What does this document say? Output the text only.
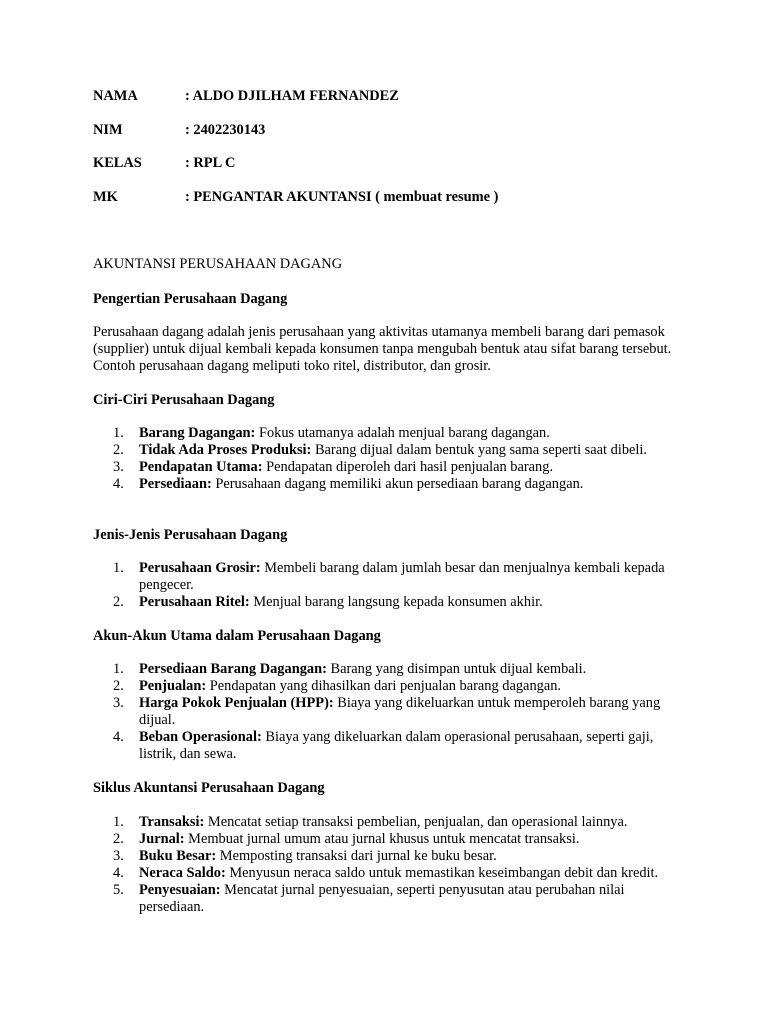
NAMA	: ALDO DJILHAM FERNANDEZ
NIM	: 2402230143
KELAS	: RPL C
MK	: PENGANTAR AKUNTANSI ( membuat resume )
AKUNTANSI PERUSAHAAN DAGANG
Pengertian Perusahaan Dagang
Perusahaan dagang adalah jenis perusahaan yang aktivitas utamanya membeli barang dari pemasok (supplier) untuk dijual kembali kepada konsumen tanpa mengubah bentuk atau sifat barang tersebut. Contoh perusahaan dagang meliputi toko ritel, distributor, dan grosir.
Ciri-Ciri Perusahaan Dagang
1. Barang Dagangan: Fokus utamanya adalah menjual barang dagangan.
2. Tidak Ada Proses Produksi: Barang dijual dalam bentuk yang sama seperti saat dibeli.
3. Pendapatan Utama: Pendapatan diperoleh dari hasil penjualan barang.
4. Persediaan: Perusahaan dagang memiliki akun persediaan barang dagangan.
Jenis-Jenis Perusahaan Dagang
1. Perusahaan Grosir: Membeli barang dalam jumlah besar dan menjualnya kembali kepada pengecer.
2. Perusahaan Ritel: Menjual barang langsung kepada konsumen akhir.
Akun-Akun Utama dalam Perusahaan Dagang
1. Persediaan Barang Dagangan: Barang yang disimpan untuk dijual kembali.
2. Penjualan: Pendapatan yang dihasilkan dari penjualan barang dagangan.
3. Harga Pokok Penjualan (HPP): Biaya yang dikeluarkan untuk memperoleh barang yang dijual.
4. Beban Operasional: Biaya yang dikeluarkan dalam operasional perusahaan, seperti gaji, listrik, dan sewa.
Siklus Akuntansi Perusahaan Dagang
1. Transaksi: Mencatat setiap transaksi pembelian, penjualan, dan operasional lainnya.
2. Jurnal: Membuat jurnal umum atau jurnal khusus untuk mencatat transaksi.
3. Buku Besar: Memposting transaksi dari jurnal ke buku besar.
4. Neraca Saldo: Menyusun neraca saldo untuk memastikan keseimbangan debit dan kredit.
5. Penyesuaian: Mencatat jurnal penyesuaian, seperti penyusutan atau perubahan nilai persediaan.
